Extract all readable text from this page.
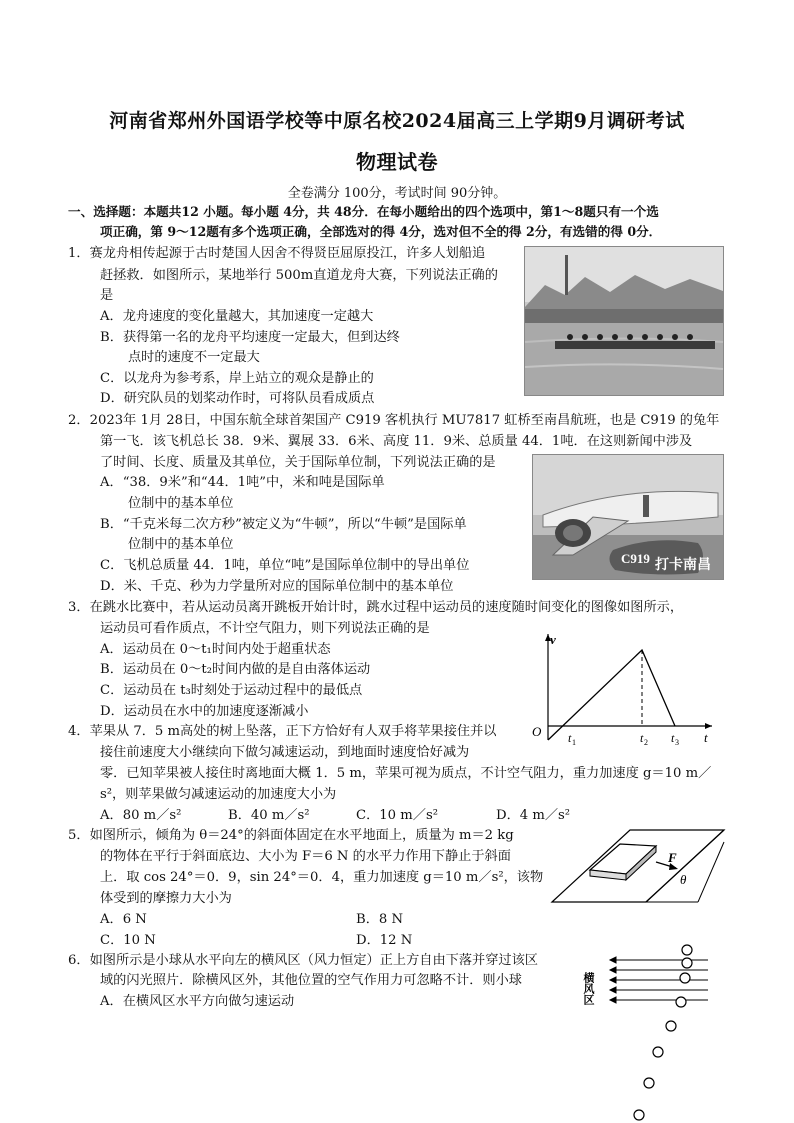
河南省郑州外国语学校等中原名校2024届高三上学期9月调研考试
物理试卷
全卷满分 100分，考试时间 90分钟。
一、选择题：本题共12 小题。每小题 4分，共 48分．在每小题给出的四个选项中，第1～8题只有一个选
项正确，第 9～12题有多个选项正确，全部选对的得 4分，选对但不全的得 2分，有选错的得 0分．
1．赛龙舟相传起源于古时楚国人因舍不得贤臣屈原投江，许多人划船追
赶拯救．如图所示，某地举行 500m直道龙舟大赛，下列说法正确的
是
A．龙舟速度的变化量越大，其加速度一定越大
B．获得第一名的龙舟平均速度一定最大，但到达终
点时的速度不一定最大
C．以龙舟为参考系，岸上站立的观众是静止的
D．研究队员的划桨动作时，可将队员看成质点
2．2023年 1月 28日，中国东航全球首架国产 C919 客机执行 MU7817 虹桥至南昌航班，也是 C919 的兔年
第一飞．该飞机总长 38．9米、翼展 33．6米、高度 11．9米、总质量 44．1吨．在这则新闻中涉及
了时间、长度、质量及其单位，关于国际单位制，下列说法正确的是
A．“38．9米”和“44．1吨”中，米和吨是国际单
位制中的基本单位
B．“千克米每二次方秒”被定义为“牛顿”，所以“牛顿”是国际单
位制中的基本单位
C．飞机总质量 44．1吨，单位“吨”是国际单位制中的导出单位
D．米、千克、秒为力学量所对应的国际单位制中的基本单位
C919 打卡南昌
3．在跳水比赛中，若从运动员离开跳板开始计时，跳水过程中运动员的速度随时间变化的图像如图所示，
运动员可看作质点，不计空气阻力，则下列说法正确的是
A．运动员在 0～t₁时间内处于超重状态
B．运动员在 0～t₂时间内做的是自由落体运动
C．运动员在 t₃时刻处于运动过程中的最低点
D．运动员在水中的加速度逐渐减小
v
O	t
t 1	t 2 t 3
4．苹果从 7．5 m高处的树上坠落，正下方恰好有人双手将苹果接住并以
接住前速度大小继续向下做匀减速运动，到地面时速度恰好减为
零．已知苹果被人接住时离地面大概 1．5 m，苹果可视为质点，不计空气阻力，重力加速度 g＝10 m／
s²，则苹果做匀减速运动的加速度大小为
A．80 m／s²	B．40 m／s²	C．10 m／s²	D．4 m／s²
5．如图所示，倾角为 θ＝24°的斜面体固定在水平地面上，质量为 m＝2 kg
的物体在平行于斜面底边、大小为 F＝6 N 的水平力作用下静止于斜面
上．取 cos 24°＝0．9，sin 24°＝0．4，重力加速度 g＝10 m／s²，该物
体受到的摩擦力大小为
A．6 N	B．8 N
C．10 N	D．12 N
F
θ
6．如图所示是小球从水平向左的横风区（风力恒定）正上方自由下落并穿过该区
域的闪光照片．除横风区外，其他位置的空气作用力可忽略不计．则小球
A．在横风区水平方向做匀速运动	横风区
